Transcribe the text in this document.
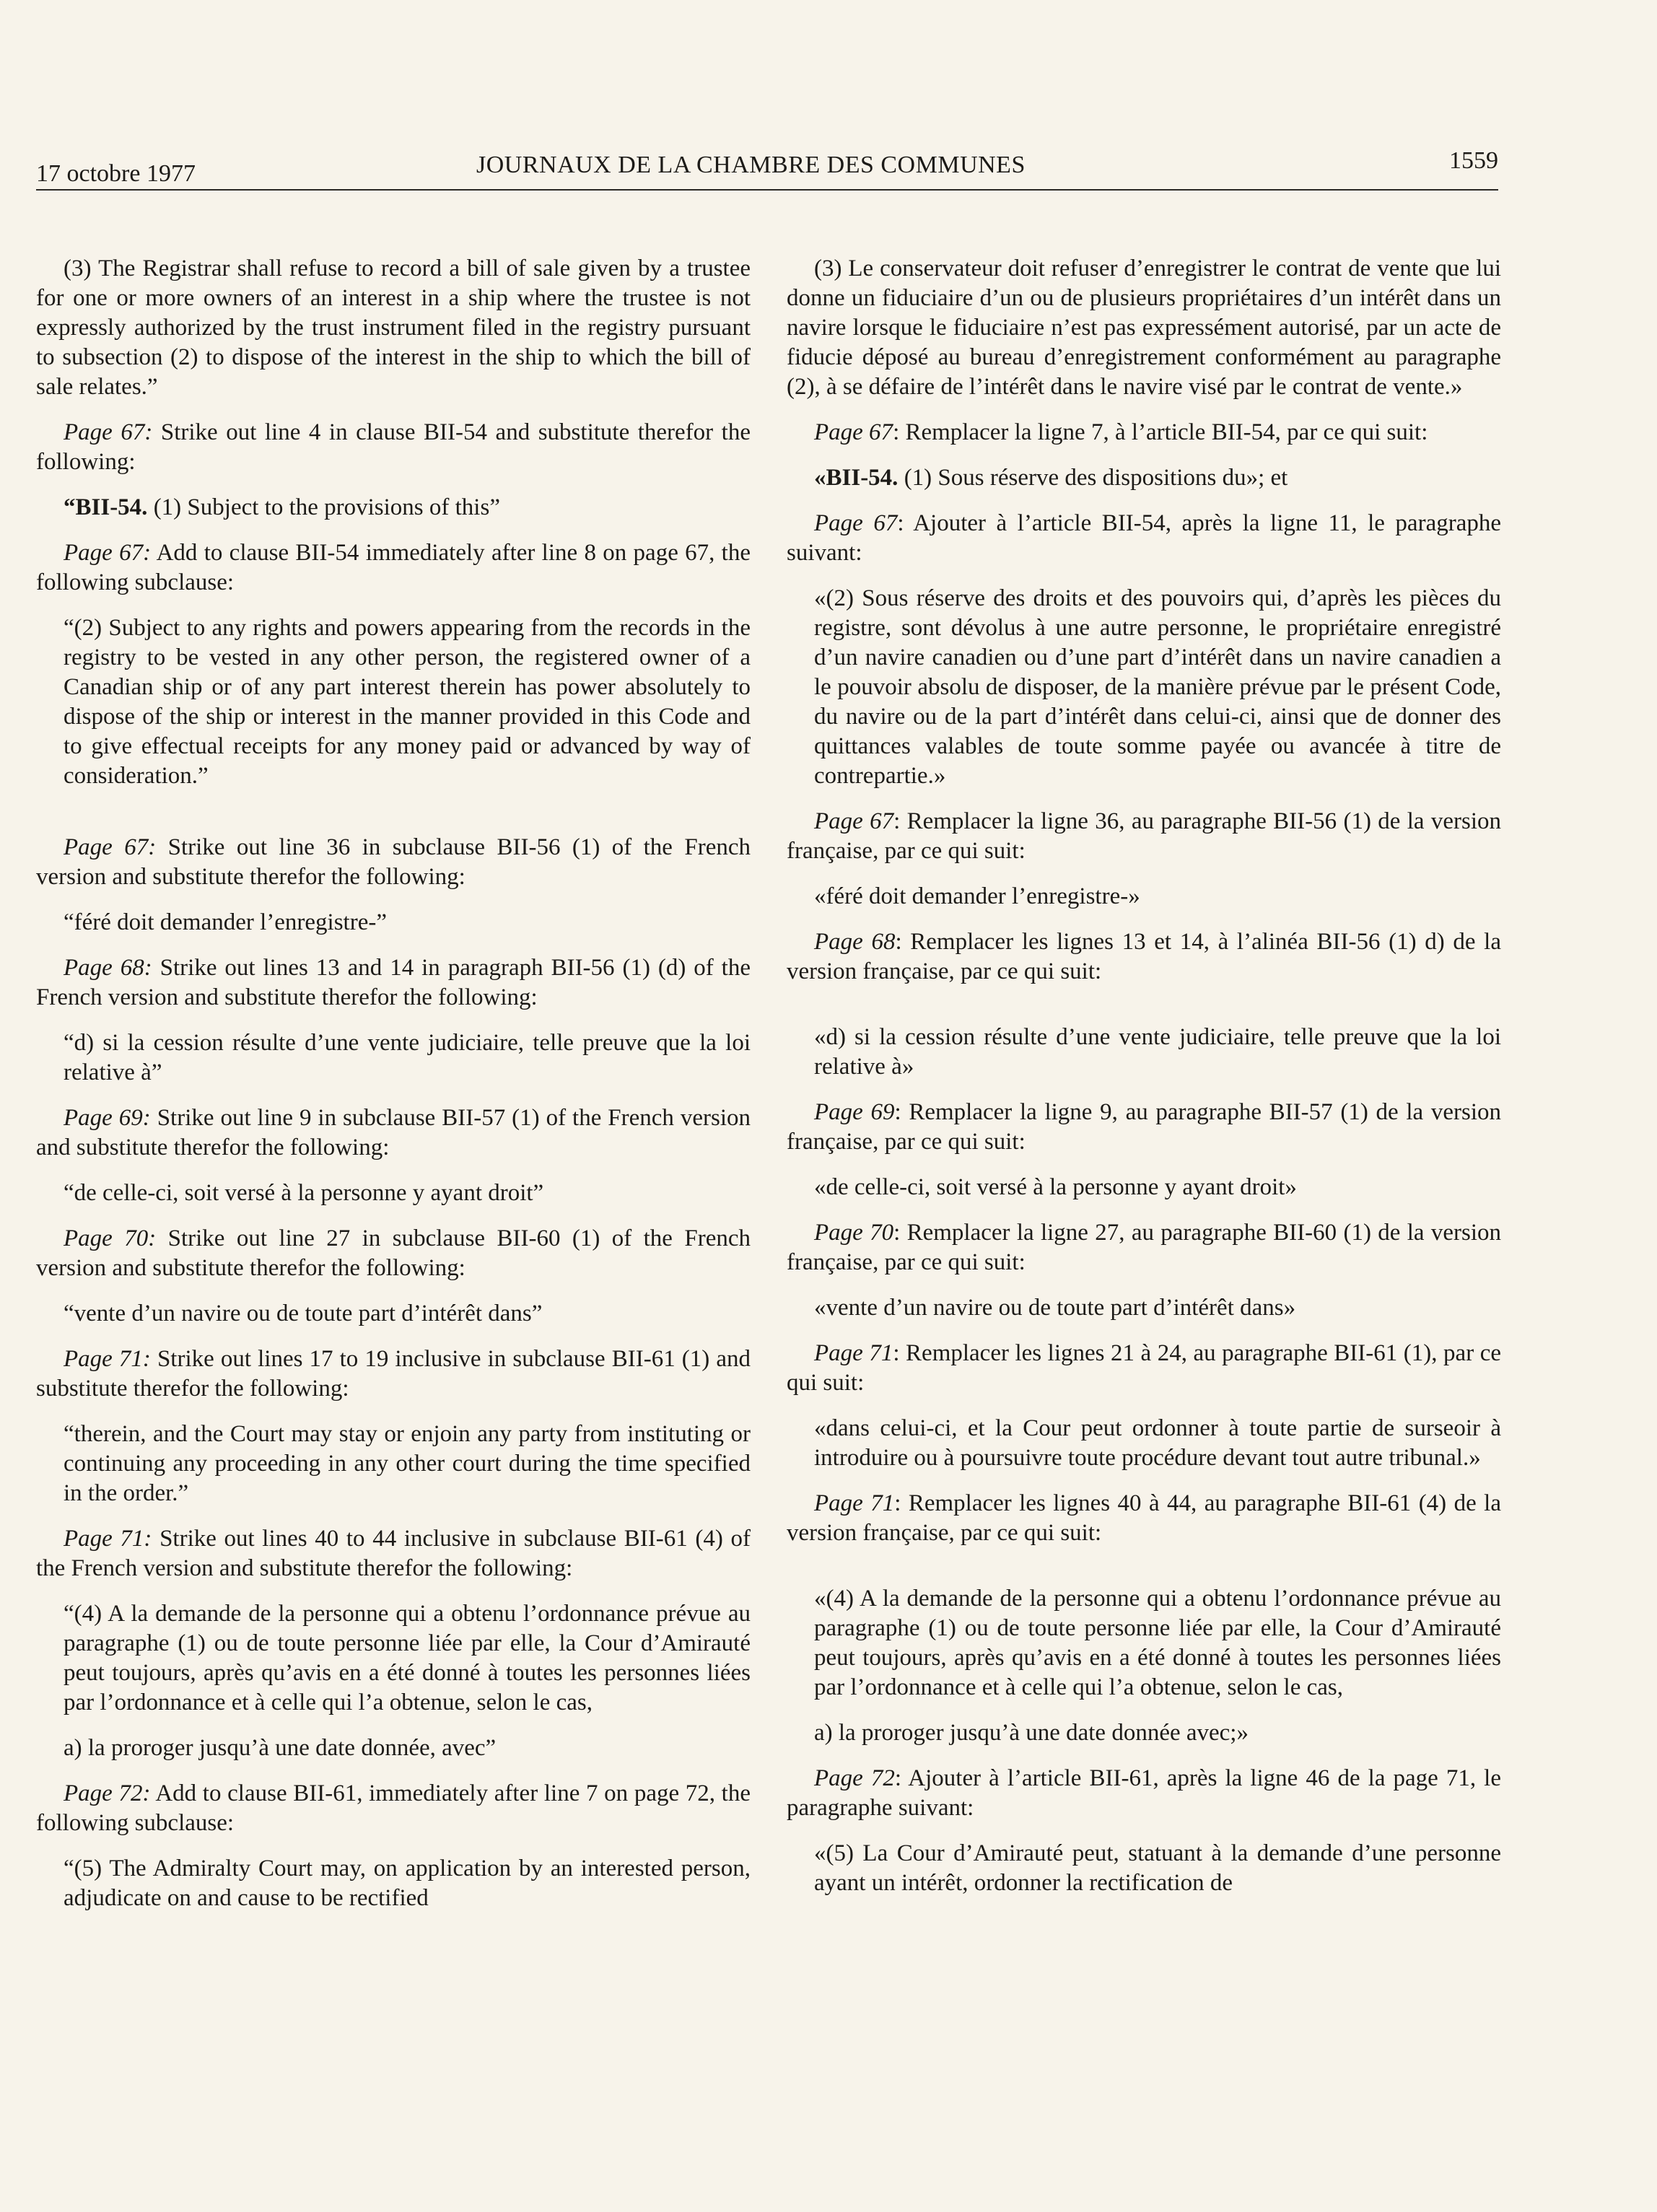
17 octobre 1977	JOURNAUX DE LA CHAMBRE DES COMMUNES	1559

(3) The Registrar shall refuse to record a bill of sale given by a trustee for one or more owners of an interest in a ship where the trustee is not expressly authorized by the trust instrument filed in the registry pursuant to subsection (2) to dispose of the interest in the ship to which the bill of sale relates.”

Page 67: Strike out line 4 in clause BII-54 and substitute therefor the following:

“BII-54. (1) Subject to the provisions of this”

Page 67: Add to clause BII-54 immediately after line 8 on page 67, the following subclause:

“(2) Subject to any rights and powers appearing from the records in the registry to be vested in any other person, the registered owner of a Canadian ship or of any part interest therein has power absolutely to dispose of the ship or interest in the manner provided in this Code and to give effectual receipts for any money paid or advanced by way of consideration.”

Page 67: Strike out line 36 in subclause BII-56 (1) of the French version and substitute therefor the following:

“féré doit demander l’enregistre-”

Page 68: Strike out lines 13 and 14 in paragraph BII-56 (1) (d) of the French version and substitute therefor the following:

“d) si la cession résulte d’une vente judiciaire, telle preuve que la loi relative à”

Page 69: Strike out line 9 in subclause BII-57 (1) of the French version and substitute therefor the following:

“de celle-ci, soit versé à la personne y ayant droit”

Page 70: Strike out line 27 in subclause BII-60 (1) of the French version and substitute therefor the following:

“vente d’un navire ou de toute part d’intérêt dans”

Page 71: Strike out lines 17 to 19 inclusive in subclause BII-61 (1) and substitute therefor the following:

“therein, and the Court may stay or enjoin any party from instituting or continuing any proceeding in any other court during the time specified in the order.”

Page 71: Strike out lines 40 to 44 inclusive in subclause BII-61 (4) of the French version and substitute therefor the following:

“(4) A la demande de la personne qui a obtenu l’ordonnance prévue au paragraphe (1) ou de toute personne liée par elle, la Cour d’Amirauté peut toujours, après qu’avis en a été donné à toutes les personnes liées par l’ordonnance et à celle qui l’a obtenue, selon le cas,

a) la proroger jusqu’à une date donnée, avec”

Page 72: Add to clause BII-61, immediately after line 7 on page 72, the following subclause:

“(5) The Admiralty Court may, on application by an interested person, adjudicate on and cause to be rectified

(3) Le conservateur doit refuser d’enregistrer le contrat de vente que lui donne un fiduciaire d’un ou de plusieurs propriétaires d’un intérêt dans un navire lorsque le fiduciaire n’est pas expressément autorisé, par un acte de fiducie déposé au bureau d’enregistrement conformément au paragraphe (2), à se défaire de l’intérêt dans le navire visé par le contrat de vente.»

Page 67: Remplacer la ligne 7, à l’article BII-54, par ce qui suit:

«BII-54. (1) Sous réserve des dispositions du»; et

Page 67: Ajouter à l’article BII-54, après la ligne 11, le paragraphe suivant:

«(2) Sous réserve des droits et des pouvoirs qui, d’après les pièces du registre, sont dévolus à une autre personne, le propriétaire enregistré d’un navire canadien ou d’une part d’intérêt dans un navire canadien a le pouvoir absolu de disposer, de la manière prévue par le présent Code, du navire ou de la part d’intérêt dans celui-ci, ainsi que de donner des quittances valables de toute somme payée ou avancée à titre de contrepartie.»

Page 67: Remplacer la ligne 36, au paragraphe BII-56 (1) de la version française, par ce qui suit:

«féré doit demander l’enregistre-»

Page 68: Remplacer les lignes 13 et 14, à l’alinéa BII-56 (1) d) de la version française, par ce qui suit:

«d) si la cession résulte d’une vente judiciaire, telle preuve que la loi relative à»

Page 69: Remplacer la ligne 9, au paragraphe BII-57 (1) de la version française, par ce qui suit:

«de celle-ci, soit versé à la personne y ayant droit»

Page 70: Remplacer la ligne 27, au paragraphe BII-60 (1) de la version française, par ce qui suit:

«vente d’un navire ou de toute part d’intérêt dans»

Page 71: Remplacer les lignes 21 à 24, au paragraphe BII-61 (1), par ce qui suit:

«dans celui-ci, et la Cour peut ordonner à toute partie de surseoir à introduire ou à poursuivre toute procédure devant tout autre tribunal.»

Page 71: Remplacer les lignes 40 à 44, au paragraphe BII-61 (4) de la version française, par ce qui suit:

«(4) A la demande de la personne qui a obtenu l’ordonnance prévue au paragraphe (1) ou de toute personne liée par elle, la Cour d’Amirauté peut toujours, après qu’avis en a été donné à toutes les personnes liées par l’ordonnance et à celle qui l’a obtenue, selon le cas,

a) la proroger jusqu’à une date donnée avec;»

Page 72: Ajouter à l’article BII-61, après la ligne 46 de la page 71, le paragraphe suivant:

«(5) La Cour d’Amirauté peut, statuant à la demande d’une personne ayant un intérêt, ordonner la rectification de
